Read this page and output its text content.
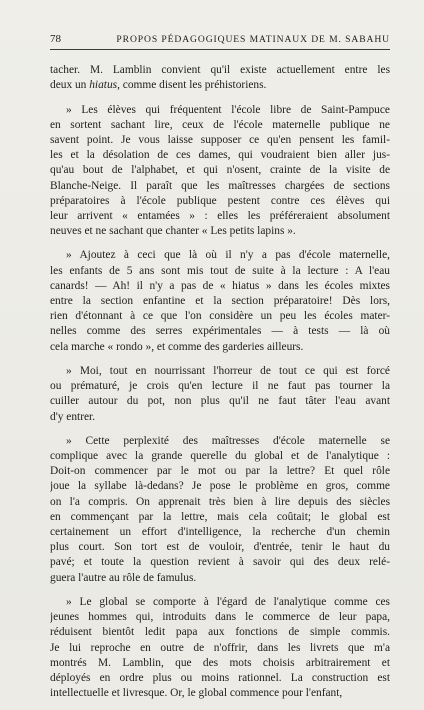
78	PROPOS PÉDAGOGIQUES MATINAUX DE M. SABAHU
tacher. M. Lamblin convient qu'il existe actuellement entre les
deux un hiatus, comme disent les préhistoriens.
» Les élèves qui fréquentent l'école libre de Saint-Pampuce
en sortent sachant lire, ceux de l'école maternelle publique ne
savent point. Je vous laisse supposer ce qu'en pensent les famil-
les et la désolation de ces dames, qui voudraient bien aller jus-
qu'au bout de l'alphabet, et qui n'osent, crainte de la visite de
Blanche-Neige. Il paraît que les maîtresses chargées de sections
préparatoires à l'école publique pestent contre ces élèves qui
leur arrivent « entamées » : elles les préféreraient absolument
neuves et ne sachant que chanter « Les petits lapins ».
» Ajoutez à ceci que là où il n'y a pas d'école maternelle,
les enfants de 5 ans sont mis tout de suite à la lecture : A l'eau
canards! — Ah! il n'y a pas de « hiatus » dans les écoles mixtes
entre la section enfantine et la section préparatoire! Dès lors,
rien d'étonnant à ce que l'on considère un peu les écoles mater-
nelles comme des serres expérimentales — à tests — là où
cela marche « rondo », et comme des garderies ailleurs.
» Moi, tout en nourrissant l'horreur de tout ce qui est forcé
ou prématuré, je crois qu'en lecture il ne faut pas tourner la
cuiller autour du pot, non plus qu'il ne faut tâter l'eau avant
d'y entrer.
» Cette perplexité des maîtresses d'école maternelle se
complique avec la grande querelle du global et de l'analytique :
Doit-on commencer par le mot ou par la lettre? Et quel rôle
joue la syllabe là-dedans? Je pose le problème en gros, comme
on l'a compris. On apprenait très bien à lire depuis des siècles
en commençant par la lettre, mais cela coûtait; le global est
certainement un effort d'intelligence, la recherche d'un chemin
plus court. Son tort est de vouloir, d'entrée, tenir le haut du
pavé; et toute la question revient à savoir qui des deux relé-
guera l'autre au rôle de famulus.
» Le global se comporte à l'égard de l'analytique comme ces
jeunes hommes qui, introduits dans le commerce de leur papa,
réduisent bientôt ledit papa aux fonctions de simple commis.
Je lui reproche en outre de n'offrir, dans les livrets que m'a
montrés M. Lamblin, que des mots choisis arbitrairement et
déployés en ordre plus ou moins rationnel. La construction est
intellectuelle et livresque. Or, le global commence pour l'enfant,
